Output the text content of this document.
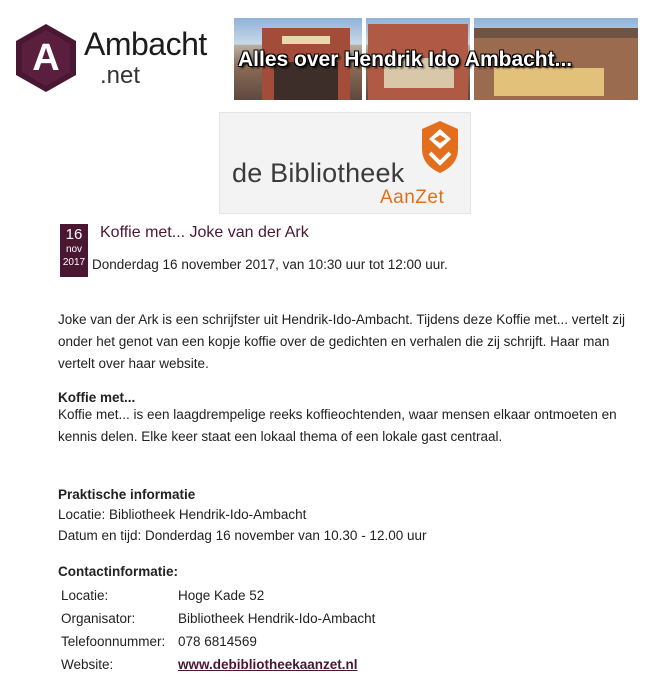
A Ambacht
.net
Alles over Hendrik Ido Ambacht...
de Bibliotheek
AanZet
16
nov
2017
Koffie met... Joke van der Ark
Donderdag 16 november 2017, van 10:30 uur tot 12:00 uur.

Joke van der Ark is een schrijfster uit Hendrik-Ido-Ambacht. Tijdens deze Koffie met... vertelt zij onder het genot van een kopje koffie over de gedichten en verhalen die zij schrijft. Haar man vertelt over haar website.

Koffie met...

Koffie met... is een laagdrempelige reeks koffieochtenden, waar mensen elkaar ontmoeten en kennis delen. Elke keer staat een lokaal thema of een lokale gast centraal.

Praktische informatie

Locatie: Bibliotheek Hendrik-Ido-Ambacht

Datum en tijd: Donderdag 16 november van 10.30 - 12.00 uur

Contactinformatie:
Locatie:	Hoge Kade 52
Organisator:	Bibliotheek Hendrik-Ido-Ambacht
Telefoonnummer:	078 6814569
Website:	www.debibliotheekaanzet.nl
